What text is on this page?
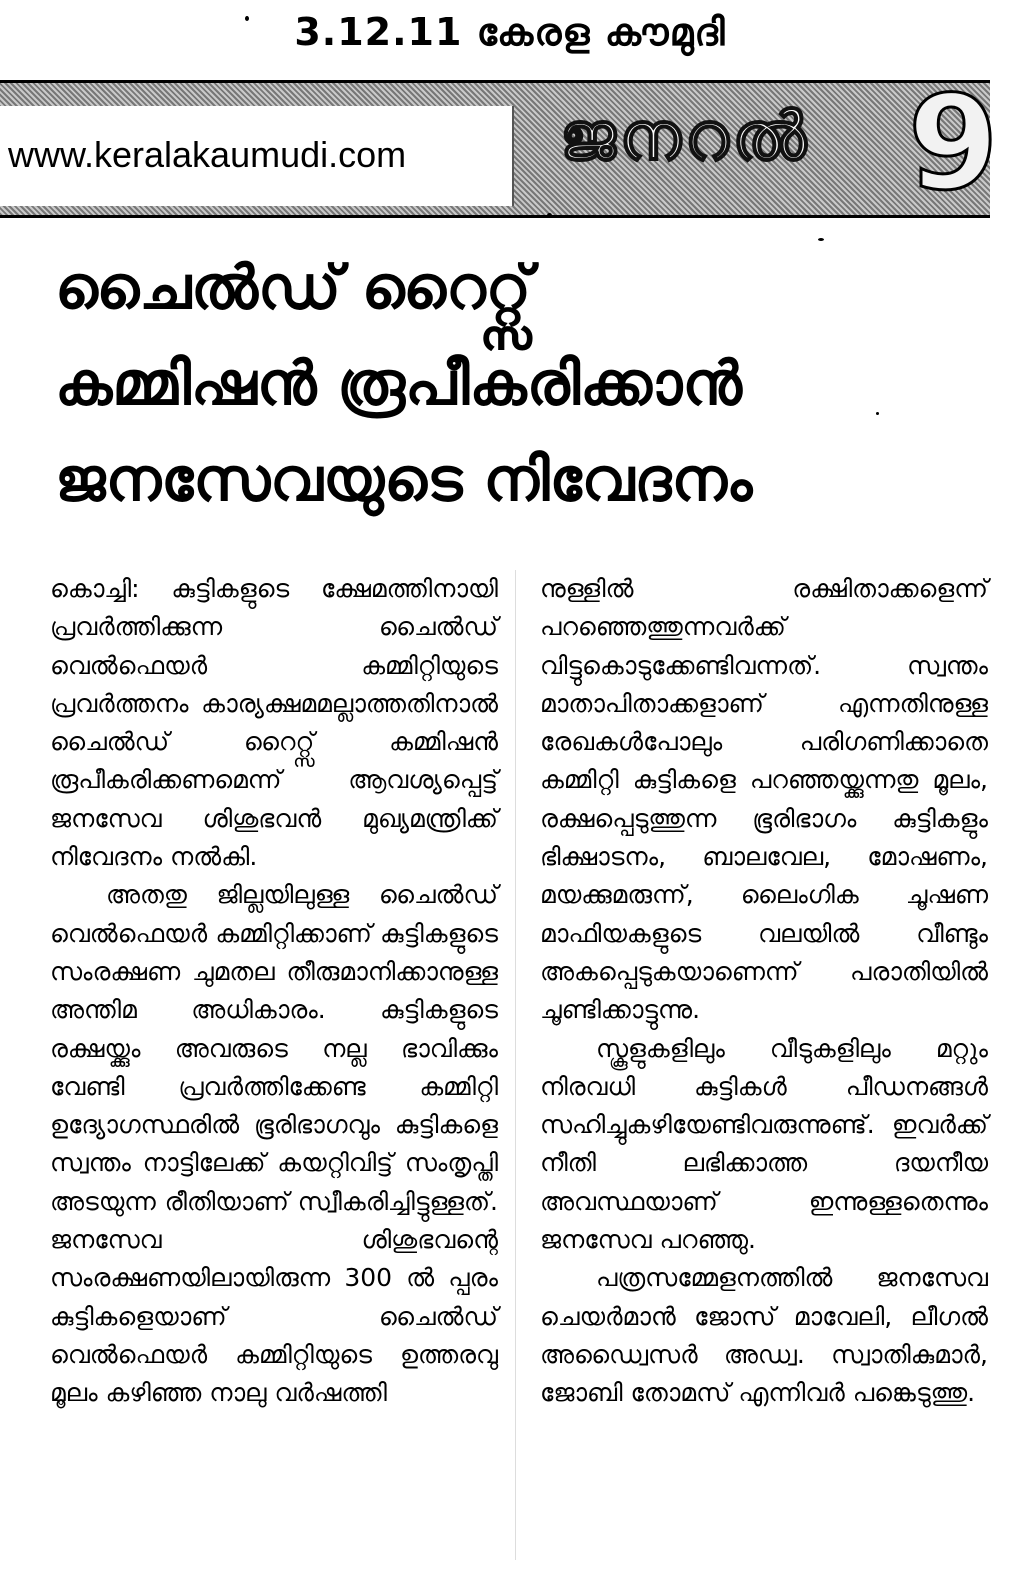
3.12.11 കേരള കൗമുദി
www.keralakaumudi.com ജനറൽ 9
ചൈൽഡ് റൈറ്റ്സ്
കമ്മിഷൻ രൂപീകരിക്കാൻ
ജനസേവയുടെ നിവേദനം

കൊച്ചി: കുട്ടികളുടെ ക്ഷേമത്തിനായി പ്രവർത്തിക്കുന്ന ചൈൽഡ് വെൽഫെയർ കമ്മിറ്റിയുടെ പ്രവർത്തനം കാര്യക്ഷമമല്ലാത്തതിനാൽ ചൈൽഡ് റൈറ്റ്സ് കമ്മിഷൻ രൂപീകരിക്കണമെന്ന് ആവശ്യപ്പെട്ട് ജനസേവ ശിശുഭവൻ മുഖ്യമന്ത്രിക്ക് നിവേദനം നൽകി.

അതതു ജില്ലയിലുള്ള ചൈൽഡ് വെൽഫെയർ കമ്മിറ്റിക്കാണ് കുട്ടികളുടെ സംരക്ഷണ ചുമതല തീരുമാനിക്കാനുള്ള അന്തിമ അധികാരം. കുട്ടികളുടെ രക്ഷയ്ക്കും അവരുടെ നല്ല ഭാവിക്കും വേണ്ടി പ്രവർത്തിക്കേണ്ട കമ്മിറ്റി ഉദ്യോഗസ്ഥരിൽ ഭൂരിഭാഗവും കുട്ടികളെ സ്വന്തം നാട്ടിലേക്ക് കയറ്റിവിട്ട് സംതൃപ്തി അടയുന്ന രീതിയാണ് സ്വീകരിച്ചിട്ടുള്ളത്. ജനസേവ ശിശുഭവന്റെ സംരക്ഷണയിലായിരുന്ന 300 ൽ പ്പരം കുട്ടികളെയാണ് ചൈൽഡ് വെൽഫെയർ കമ്മിറ്റിയുടെ ഉത്തരവു മൂലം കഴിഞ്ഞ നാലു വർഷത്തി

നുള്ളിൽ രക്ഷിതാക്കളെന്ന് പറഞ്ഞെത്തുന്നവർക്ക് വിട്ടുകൊടുക്കേണ്ടിവന്നത്. സ്വന്തം മാതാപിതാക്കളാണ് എന്നതിനുള്ള രേഖകൾപോലും പരിഗണിക്കാതെ കമ്മിറ്റി കുട്ടികളെ പറഞ്ഞയ്ക്കുന്നതു മൂലം, രക്ഷപ്പെടുത്തുന്ന ഭൂരിഭാഗം കുട്ടികളും ഭിക്ഷാടനം, ബാലവേല, മോഷണം, മയക്കുമരുന്ന്, ലൈംഗിക ചൂഷണ മാഫിയകളുടെ വലയിൽ വീണ്ടും അകപ്പെടുകയാണെന്ന് പരാതിയിൽ ചൂണ്ടിക്കാട്ടുന്നു.

സ്കൂളുകളിലും വീടുകളിലും മറ്റും നിരവധി കുട്ടികൾ പീഡനങ്ങൾ സഹിച്ചുകഴിയേണ്ടിവരുന്നുണ്ട്. ഇവർക്ക് നീതി ലഭിക്കാത്ത ദയനീയ അവസ്ഥയാണ് ഇന്നുള്ളതെന്നും ജനസേവ പറഞ്ഞു.

പത്രസമ്മേളനത്തിൽ ജനസേവ ചെയർമാൻ ജോസ് മാവേലി, ലീഗൽ അഡ്വൈസർ അഡ്വ. സ്വാതികുമാർ, ജോബി തോമസ് എന്നിവർ പങ്കെടുത്തു.
